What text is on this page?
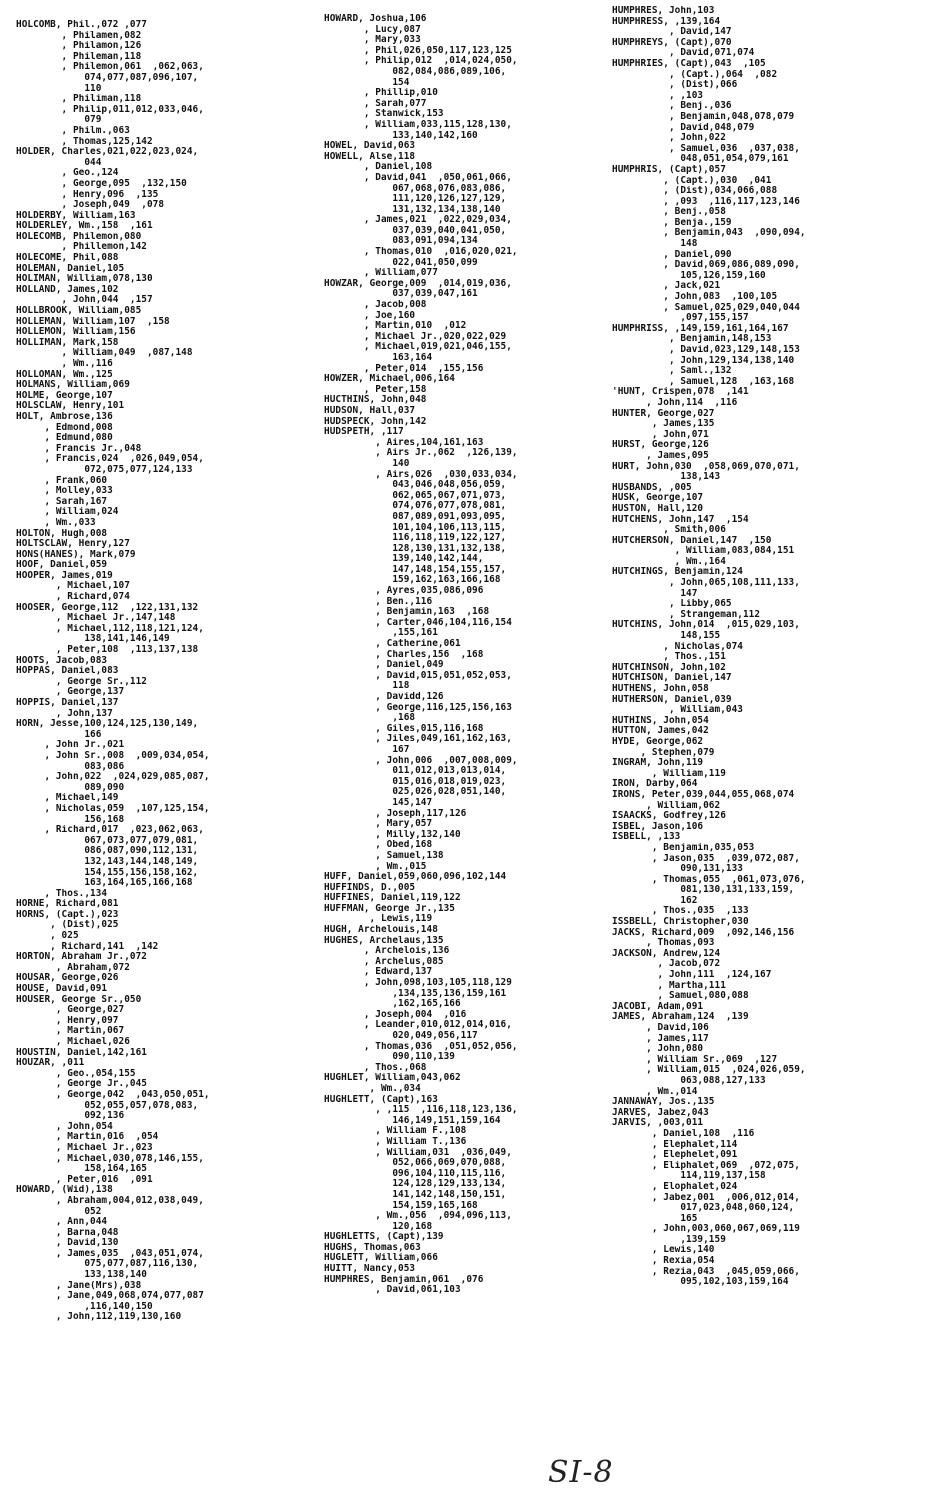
HOLCOMB, Phil.,072 ,077
, Philamen,082
, Philamon,126
, Phileman,118
, Philemon,061  ,062,063,
074,077,087,096,107,
110
, Philiman,118
, Philip,011,012,033,046,
079
, Philm.,063
, Thomas,125,142
HOLDER, Charles,021,022,023,024,
044
, Geo.,124
, George,095  ,132,150
, Henry,096  ,135
, Joseph,049  ,078
HOLDERBY, William,163
HOLDERLEY, Wm.,158  ,161
HOLECOMB, Philemon,080
, Phillemon,142
HOLECOME, Phil,088
HOLEMAN, Daniel,105
HOLIMAN, William,078,130
HOLLAND, James,102
, John,044  ,157
HOLLBROOK, William,085
HOLLEMAN, William,107  ,158
HOLLEMON, William,156
HOLLIMAN, Mark,158
, William,049  ,087,148
, Wm.,116
HOLLOMAN, Wm.,125
HOLMANS, William,069
HOLME, George,107
HOLSCLAW, Henry,101
HOLT, Ambrose,136
, Edmond,008
, Edmund,080
, Francis Jr.,048
, Francis,024  ,026,049,054,
072,075,077,124,133
, Frank,060
, Molley,033
, Sarah,167
, William,024
, Wm.,033
HOLTON, Hugh,008
HOLTSCLAW, Henry,127
HONS(HANES), Mark,079
HOOF, Daniel,059
HOOPER, James,019
, Michael,107
, Richard,074
HOOSER, George,112  ,122,131,132
, Michael Jr.,147,148
, Michael,112,118,121,124,
138,141,146,149
, Peter,108  ,113,137,138
HOOTS, Jacob,083
HOPPAS, Daniel,083
, George Sr.,112
, George,137
HOPPIS, Daniel,137
, John,137
HORN, Jesse,100,124,125,130,149,
166
, John Jr.,021
, John Sr.,008  ,009,034,054,
083,086
, John,022  ,024,029,085,087,
089,090
, Michael,149
, Nicholas,059  ,107,125,154,
156,168
, Richard,017  ,023,062,063,
067,073,077,079,081,
086,087,090,112,131,
132,143,144,148,149,
154,155,156,158,162,
163,164,165,166,168
, Thos.,134
HORNE, Richard,081
HORNS, (Capt.),023
, (Dist),025
, 025
, Richard,141  ,142
HORTON, Abraham Jr.,072
, Abraham,072
HOUSAR, George,026
HOUSE, David,091
HOUSER, George Sr.,050
, George,027
, Henry,097
, Martin,067
, Michael,026
HOUSTIN, Daniel,142,161
HOUZAR, ,011
, Geo.,054,155
, George Jr.,045
, George,042  ,043,050,051,
052,055,057,078,083,
092,136
, John,054
, Martin,016  ,054
, Michael Jr.,023
, Michael,030,078,146,155,
158,164,165
, Peter,016  ,091
HOWARD, (Wid),138
, Abraham,004,012,038,049,
052
, Ann,044
, Barna,048
, David,130
, James,035  ,043,051,074,
075,077,087,116,130,
133,138,140
, Jane(Mrs),038
, Jane,049,068,074,077,087
,116,140,150
, John,112,119,130,160
HOWARD, Joshua,106
, Lucy,087
, Mary,033
, Phil,026,050,117,123,125
, Philip,012  ,014,024,050,
082,084,086,089,106,
154
, Phillip,010
, Sarah,077
, Stanwick,153
, William,033,115,128,130,
133,140,142,160
HOWEL, David,063
HOWELL, Alse,118
, Daniel,108
, David,041  ,050,061,066,
067,068,076,083,086,
111,120,126,127,129,
131,132,134,138,140
, James,021  ,022,029,034,
037,039,040,041,050,
083,091,094,134
, Thomas,010  ,016,020,021,
022,041,050,099
, William,077
HOWZAR, George,009  ,014,019,036,
037,039,047,161
, Jacob,008
, Joe,160
, Martin,010  ,012
, Michael Jr.,020,022,029
, Michael,019,021,046,155,
163,164
, Peter,014  ,155,156
HOWZER, Michael,006,164
, Peter,158
HUCTHINS, John,048
HUDSON, Hall,037
HUDSPECK, John,142
HUDSPETH, ,117
, Aires,104,161,163
, Airs Jr.,062  ,126,139,
140
, Airs,026  ,030,033,034,
043,046,048,056,059,
062,065,067,071,073,
074,076,077,078,081,
087,089,091,093,095,
101,104,106,113,115,
116,118,119,122,127,
128,130,131,132,138,
139,140,142,144,
147,148,154,155,157,
159,162,163,166,168
, Ayres,035,086,096
, Ben.,116
, Benjamin,163  ,168
, Carter,046,104,116,154
,155,161
, Catherine,061
, Charles,156  ,168
, Daniel,049
, David,015,051,052,053,
118
, Davidd,126
, George,116,125,156,163
,168
, Giles,015,116,168
, Jiles,049,161,162,163,
167
, John,006  ,007,008,009,
011,012,013,013,014,
015,016,018,019,023,
025,026,028,051,140,
145,147
, Joseph,117,126
, Mary,057
, Milly,132,140
, Obed,168
, Samuel,138
, Wm.,015
HUFF, Daniel,059,060,096,102,144
HUFFINDS, D.,005
HUFFINES, Daniel,119,122
HUFFMAN, George Jr.,135
, Lewis,119
HUGH, Archelouis,148
HUGHES, Archelaus,135
, Archelois,136
, Archelus,085
, Edward,137
, John,098,103,105,118,129
,134,135,136,159,161
,162,165,166
, Joseph,004  ,016
, Leander,010,012,014,016,
020,049,056,117
, Thomas,036  ,051,052,056,
090,110,139
, Thos.,068
HUGHLET, William,043,062
, Wm.,034
HUGHLETT, (Capt),163
, ,115  ,116,118,123,136,
146,149,151,159,164
, William F.,108
, William T.,136
, William,031  ,036,049,
052,066,069,070,088,
096,104,110,115,116,
124,128,129,133,134,
141,142,148,150,151,
154,159,165,168
, Wm.,056  ,094,096,113,
120,168
HUGHLETTS, (Capt),139
HUGHS, Thomas,063
HUGLETT, William,066
HUITT, Nancy,053
HUMPHRES, Benjamin,061  ,076
, David,061,103
HUMPHRES, John,103
HUMPHRESS, ,139,164
, David,147
HUMPHREYS, (Capt),070
, David,071,074
HUMPHRIES, (Capt),043  ,105
, (Capt.),064  ,082
, (Dist),066
, ,103
, Benj.,036
, Benjamin,048,078,079
, David,048,079
, John,022
, Samuel,036  ,037,038,
048,051,054,079,161
HUMPHRIS, (Capt),057
, (Capt.),030  ,041
, (Dist),034,066,088
, ,093  ,116,117,123,146
, Benj.,058
, Benja.,159
, Benjamin,043  ,090,094,
148
, Daniel,090
, David,069,086,089,090,
105,126,159,160
, Jack,021
, John,083  ,100,105
, Samuel,025,029,040,044
,097,155,157
HUMPHRISS, ,149,159,161,164,167
, Benjamin,148,153
, David,023,129,148,153
, John,129,134,138,140
, Saml.,132
, Samuel,128  ,163,168
'HUNT, Crispen,078  ,141
, John,114  ,116
HUNTER, George,027
, James,135
, John,071
HURST, George,126
, James,095
HURT, John,030  ,058,069,070,071,
138,143
HUSBANDS, ,005
HUSK, George,107
HUSTON, Hall,120
HUTCHENS, John,147  ,154
, Smith,006
HUTCHERSON, Daniel,147  ,150
, William,083,084,151
, Wm.,164
HUTCHINGS, Benjamin,124
, John,065,108,111,133,
147
, Libby,065
, Strangeman,112
HUTCHINS, John,014  ,015,029,103,
148,155
, Nicholas,074
, Thos.,151
HUTCHINSON, John,102
HUTCHISON, Daniel,147
HUTHENS, John,058
HUTHERSON, Daniel,039
, William,043
HUTHINS, John,054
HUTTON, James,042
HYDE, George,062
, Stephen,079
INGRAM, John,119
, William,119
IRON, Darby,064
IRONS, Peter,039,044,055,068,074
, William,062
ISAACKS, Godfrey,126
ISBEL, Jason,106
ISBELL, ,133
, Benjamin,035,053
, Jason,035  ,039,072,087,
090,131,133
, Thomas,055  ,061,073,076,
081,130,131,133,159,
162
, Thos.,035  ,133
ISSBELL, Christopher,030
JACKS, Richard,009  ,092,146,156
, Thomas,093
JACKSON, Andrew,124
, Jacob,072
, John,111  ,124,167
, Martha,111
, Samuel,080,088
JACOBI, Adam,091
JAMES, Abraham,124  ,139
, David,106
, James,117
, John,080
, William Sr.,069  ,127
, William,015  ,024,026,059,
063,088,127,133
, Wm.,014
JANNAWAY, Jos.,135
JARVES, Jabez,043
JARVIS, ,003,011
, Daniel,108  ,116
, Elephalet,114
, Elephelet,091
, Eliphalet,069  ,072,075,
114,119,137,158
, Elophalet,024
, Jabez,001  ,006,012,014,
017,023,048,060,124,
165
, John,003,060,067,069,119
,139,159
, Lewis,140
, Rexia,054
, Rezia,043  ,045,059,066,
095,102,103,159,164
SI-8
